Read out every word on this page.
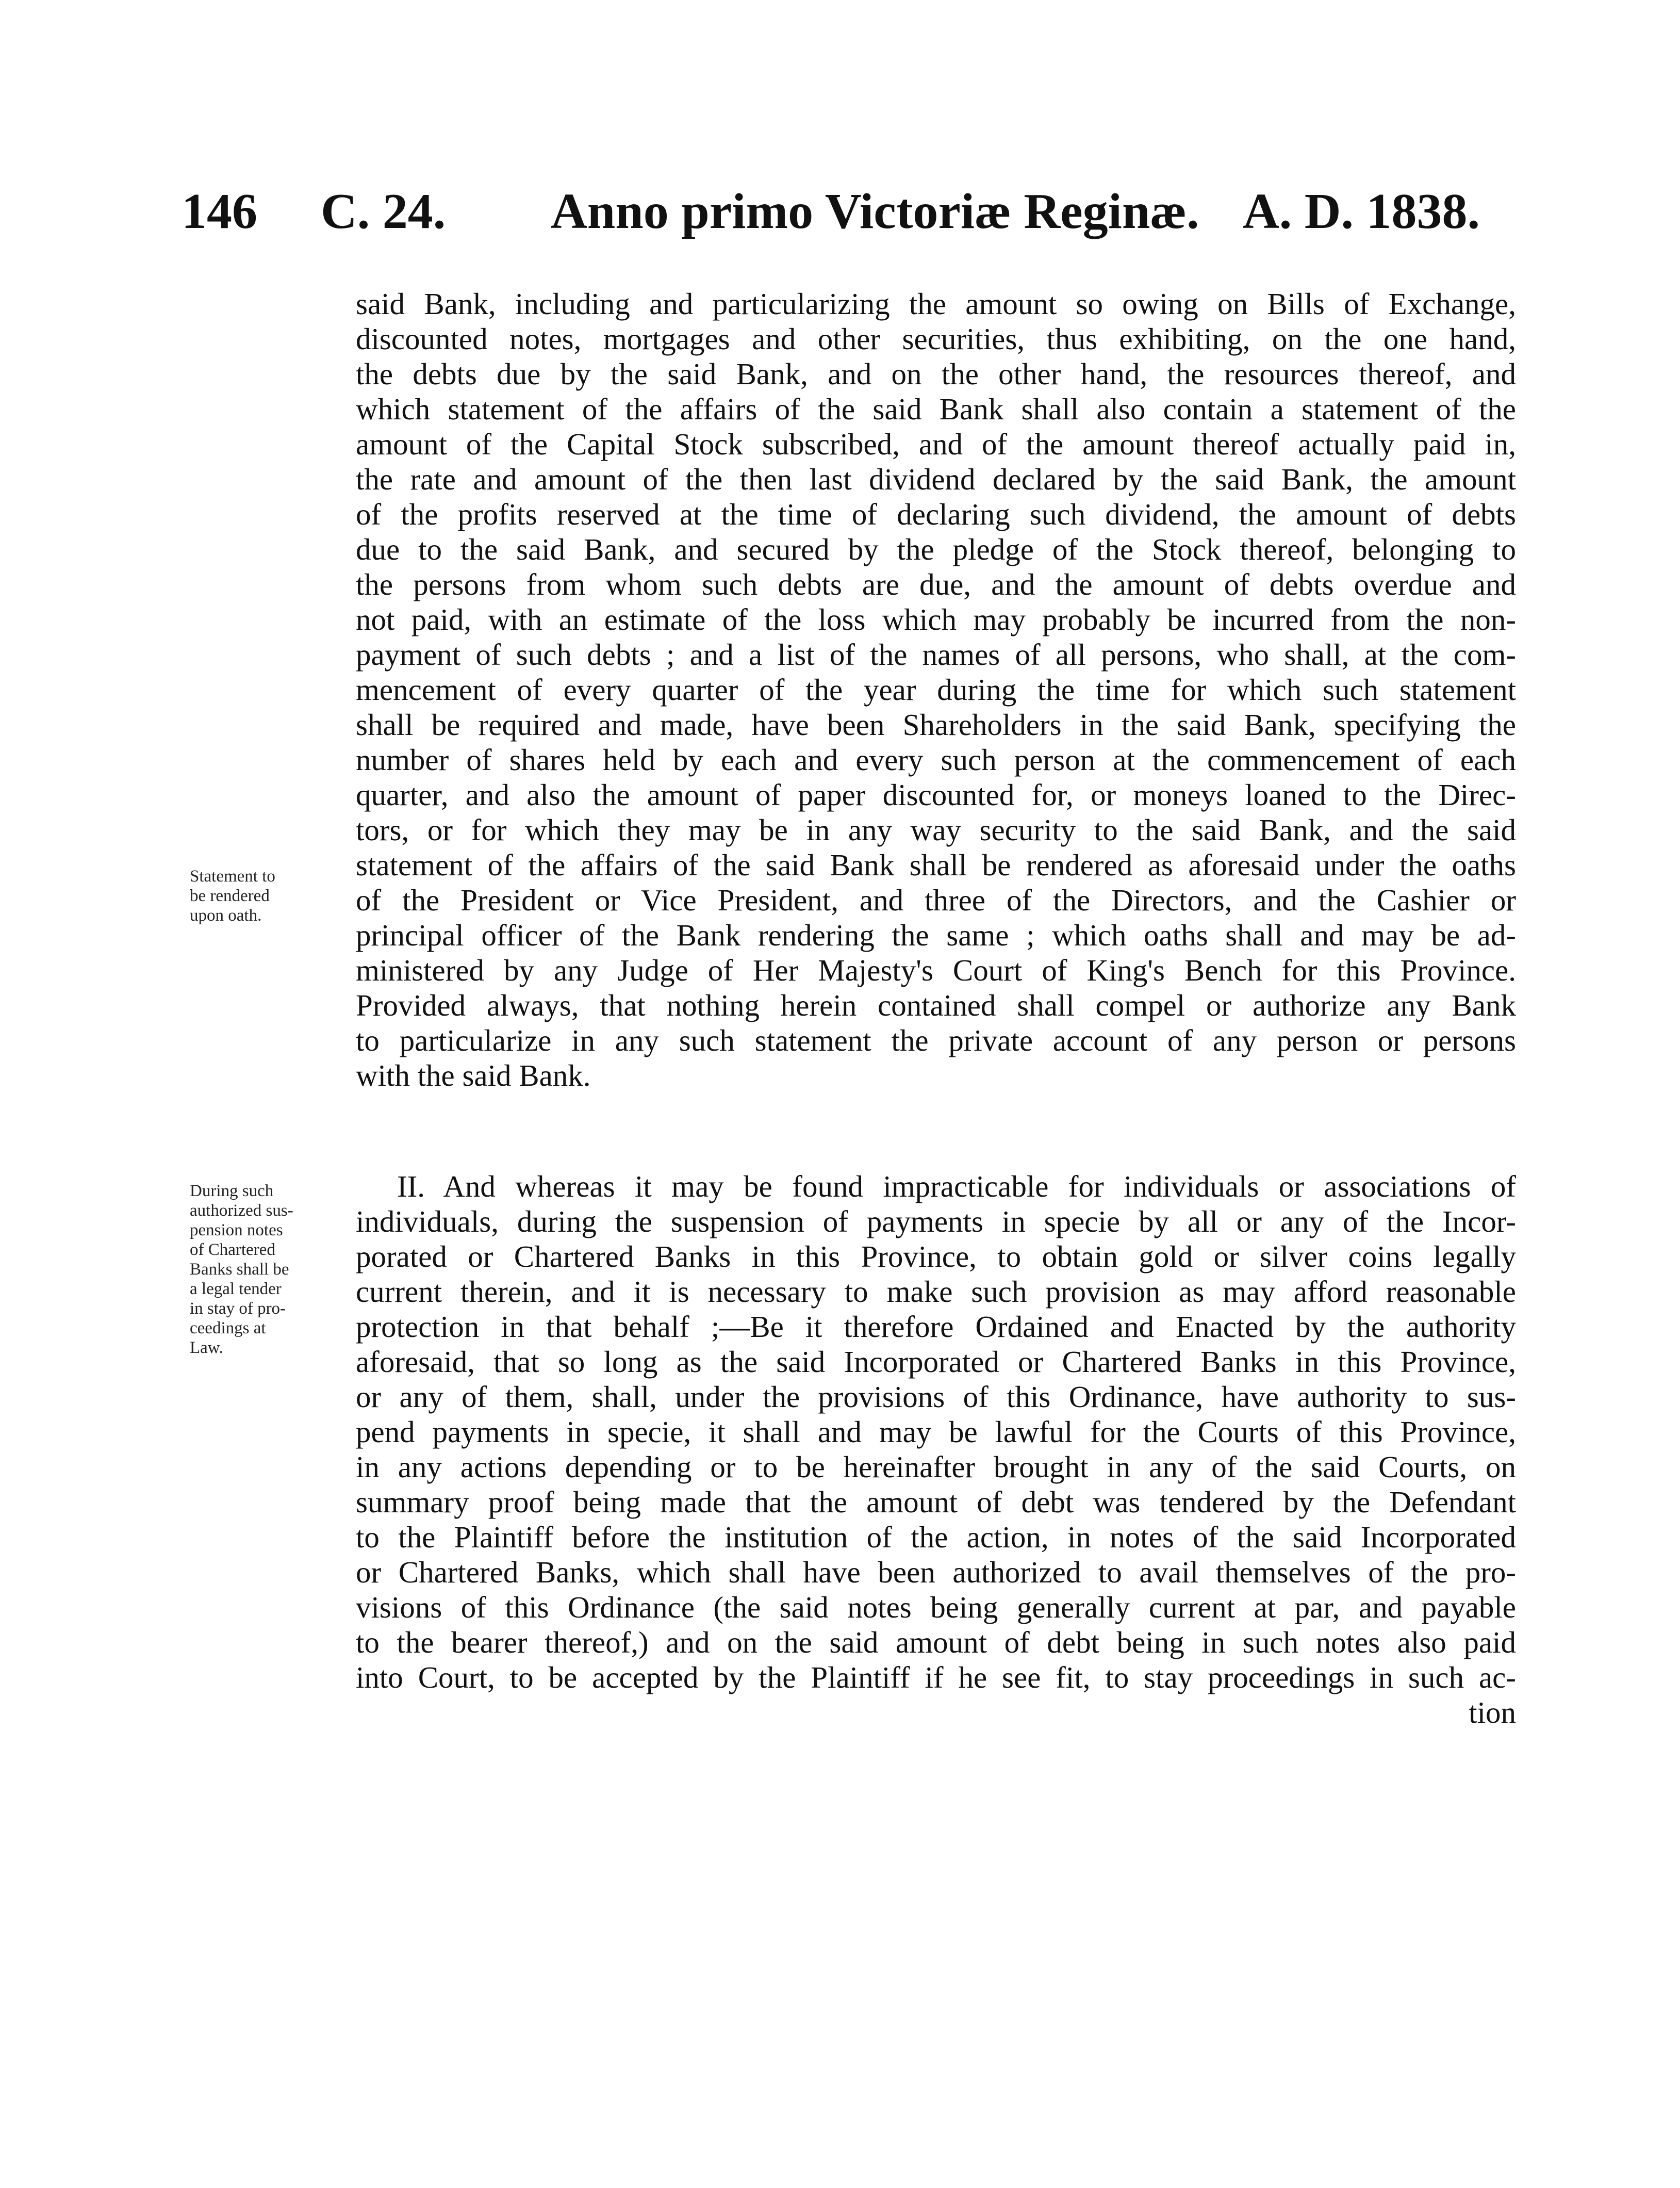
146 C. 24. Anno primo Victoriæ Reginæ. A. D. 1838.
Statement to
be rendered
upon oath.
During such
authorized sus-
pension notes
of Chartered
Banks shall be
a legal tender
in stay of pro-
ceedings at
Law.
said Bank, including and particularizing the amount so owing on Bills of Exchange,
discounted notes, mortgages and other securities, thus exhibiting, on the one hand,
the debts due by the said Bank, and on the other hand, the resources thereof, and
which statement of the affairs of the said Bank shall also contain a statement of the
amount of the Capital Stock subscribed, and of the amount thereof actually paid in,
the rate and amount of the then last dividend declared by the said Bank, the amount
of the profits reserved at the time of declaring such dividend, the amount of debts
due to the said Bank, and secured by the pledge of the Stock thereof, belonging to
the persons from whom such debts are due, and the amount of debts overdue and
not paid, with an estimate of the loss which may probably be incurred from the non-
payment of such debts ; and a list of the names of all persons, who shall, at the com-
mencement of every quarter of the year during the time for which such statement
shall be required and made, have been Shareholders in the said Bank, specifying the
number of shares held by each and every such person at the commencement of each
quarter, and also the amount of paper discounted for, or moneys loaned to the Direc-
tors, or for which they may be in any way security to the said Bank, and the said
statement of the affairs of the said Bank shall be rendered as aforesaid under the oaths
of the President or Vice President, and three of the Directors, and the Cashier or
principal officer of the Bank rendering the same ; which oaths shall and may be ad-
ministered by any Judge of Her Majesty's Court of King's Bench for this Province.
Provided always, that nothing herein contained shall compel or authorize any Bank
to particularize in any such statement the private account of any person or persons
with the said Bank.
II. And whereas it may be found impracticable for individuals or associations of
individuals, during the suspension of payments in specie by all or any of the Incor-
porated or Chartered Banks in this Province, to obtain gold or silver coins legally
current therein, and it is necessary to make such provision as may afford reasonable
protection in that behalf ;—Be it therefore Ordained and Enacted by the authority
aforesaid, that so long as the said Incorporated or Chartered Banks in this Province,
or any of them, shall, under the provisions of this Ordinance, have authority to sus-
pend payments in specie, it shall and may be lawful for the Courts of this Province,
in any actions depending or to be hereinafter brought in any of the said Courts, on
summary proof being made that the amount of debt was tendered by the Defendant
to the Plaintiff before the institution of the action, in notes of the said Incorporated
or Chartered Banks, which shall have been authorized to avail themselves of the pro-
visions of this Ordinance (the said notes being generally current at par, and payable
to the bearer thereof,) and on the said amount of debt being in such notes also paid
into Court, to be accepted by the Plaintiff if he see fit, to stay proceedings in such ac-
tion
